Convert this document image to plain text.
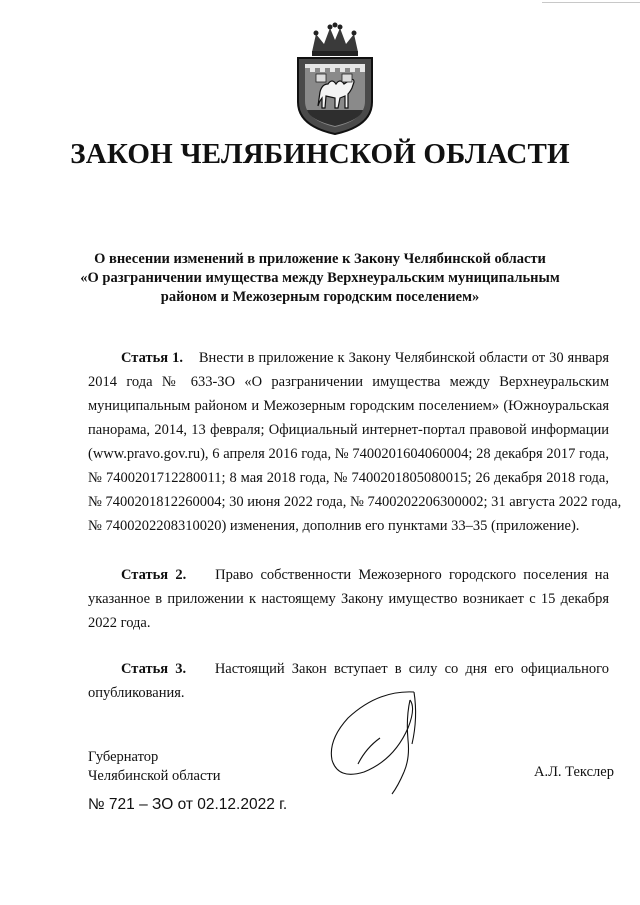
ЗАКОН ЧЕЛЯБИНСКОЙ ОБЛАСТИ
О внесении изменений в приложение к Закону Челябинской области
«О разграничении имущества между Верхнеуральским муниципальным
районом и Межозерным городским поселением»
Статья 1. Внести в приложение к Закону Челябинской области от 30 января
2014 года № 633-ЗО «О разграничении имущества между Верхнеуральским
муниципальным районом и Межозерным городским поселением» (Южноуральская
панорама, 2014, 13 февраля; Официальный интернет-портал правовой информации
(www.pravo.gov.ru), 6 апреля 2016 года, № 7400201604060004; 28 декабря 2017 года,
№ 7400201712280011; 8 мая 2018 года, № 7400201805080015; 26 декабря 2018 года,
№ 7400201812260004; 30 июня 2022 года, № 7400202206300002; 31 августа 2022 года,
№ 7400202208310020) изменения, дополнив его пунктами 33–35 (приложение).
Статья 2. Право собственности Межозерного городского поселения на
указанное в приложении к настоящему Закону имущество возникает с 15 декабря
2022 года.
Статья 3. Настоящий Закон вступает в силу со дня его официального
опубликования.
Губернатор
Челябинской области	А.Л. Текслер
№ 721 – ЗО от 02.12.2022 г.
